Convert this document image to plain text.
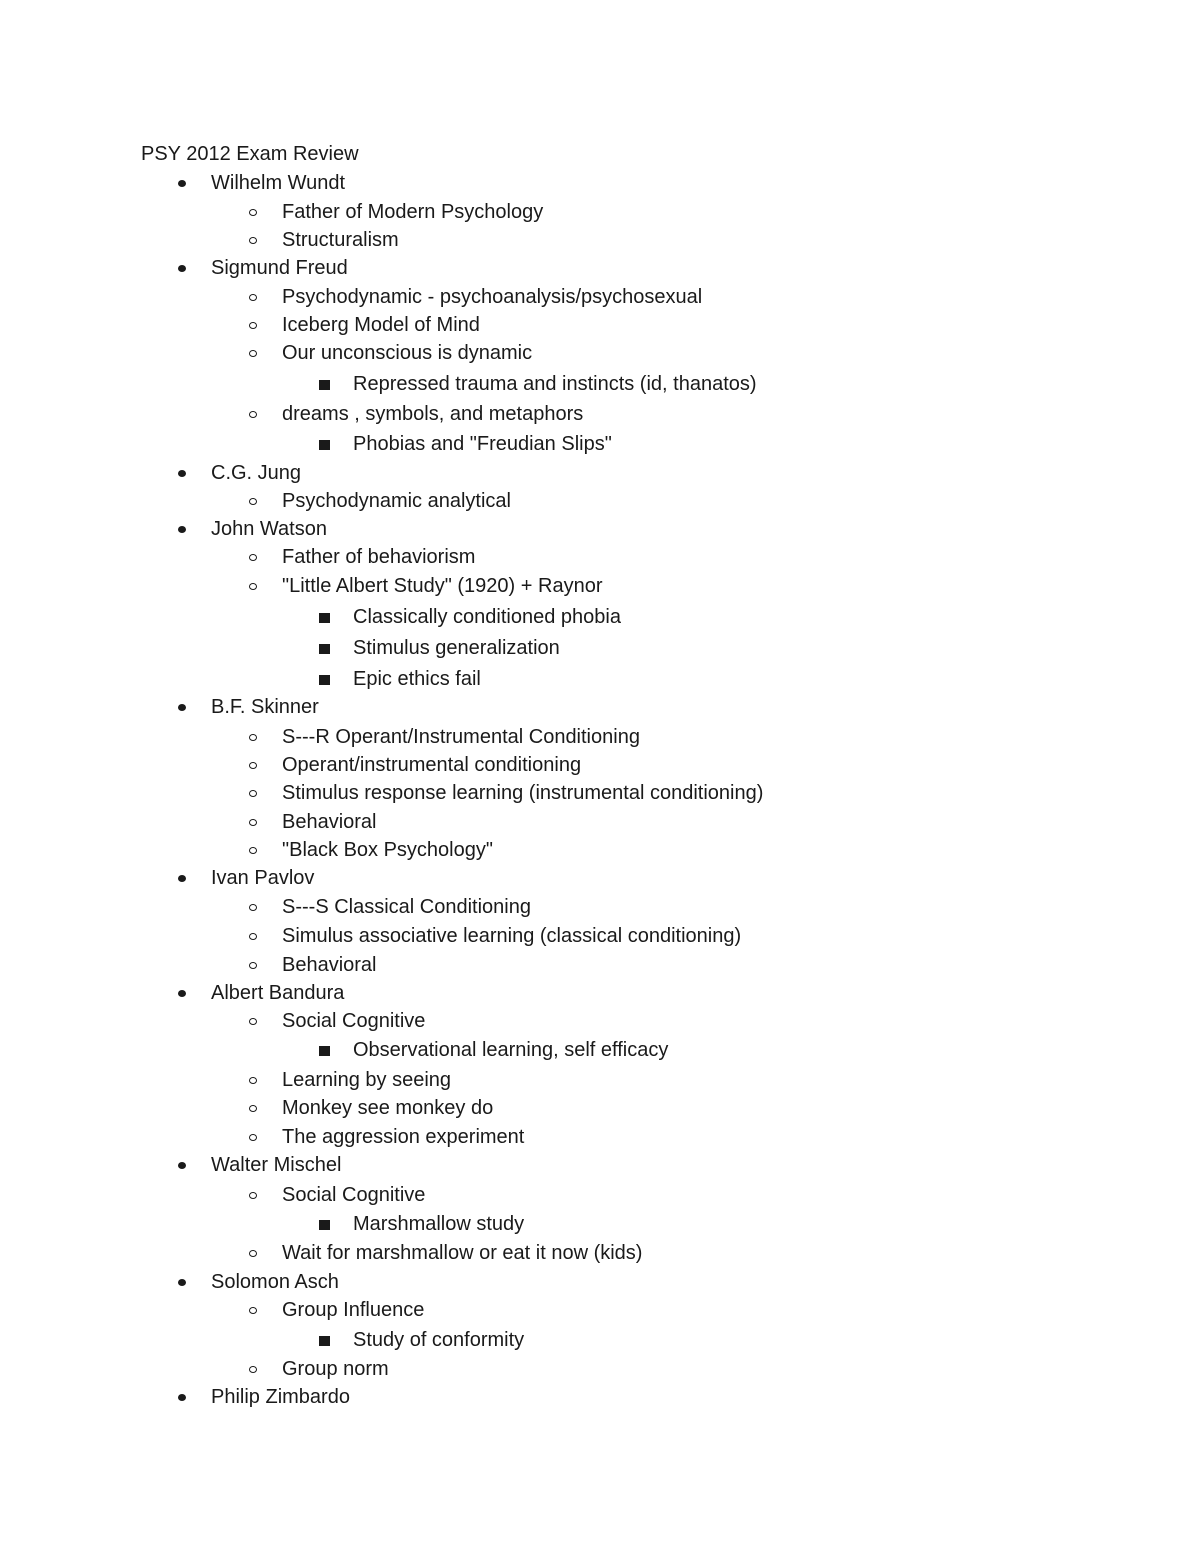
PSY 2012 Exam Review
Wilhelm Wundt
Father of Modern Psychology
Structuralism
Sigmund Freud
Psychodynamic - psychoanalysis/psychosexual
Iceberg Model of Mind
Our unconscious is dynamic
Repressed trauma and instincts (id, thanatos)
dreams , symbols, and metaphors
Phobias and "Freudian Slips"
C.G. Jung
Psychodynamic analytical
John Watson
Father of behaviorism
"Little Albert Study" (1920) + Raynor
Classically conditioned phobia
Stimulus generalization
Epic ethics fail
B.F. Skinner
S---R Operant/Instrumental Conditioning
Operant/instrumental conditioning
Stimulus response learning (instrumental conditioning)
Behavioral
"Black Box Psychology"
Ivan Pavlov
S---S Classical Conditioning
Simulus associative learning (classical conditioning)
Behavioral
Albert Bandura
Social Cognitive
Observational learning, self efficacy
Learning by seeing
Monkey see monkey do
The aggression experiment
Walter Mischel
Social Cognitive
Marshmallow study
Wait for marshmallow or eat it now (kids)
Solomon Asch
Group Influence
Study of conformity
Group norm
Philip Zimbardo
